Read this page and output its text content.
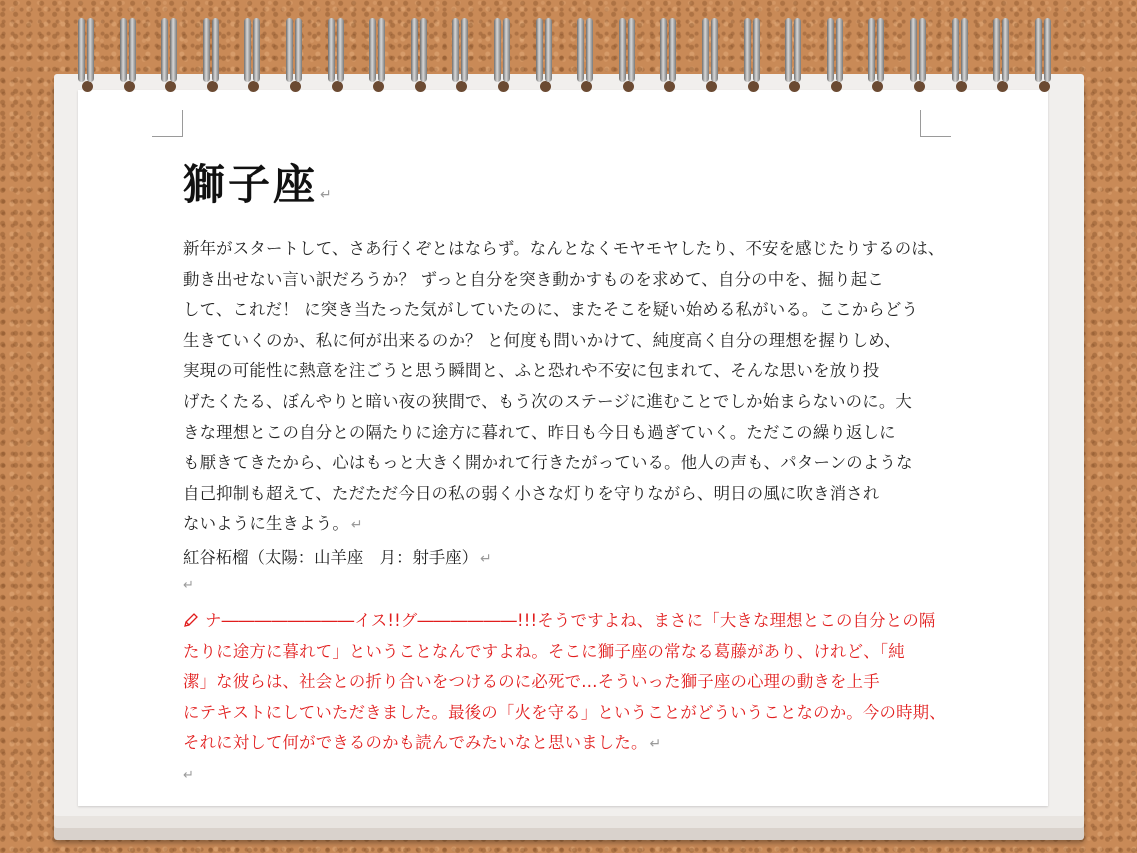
獅子座 ↵
新年がスタートして、さあ行くぞとはならず。なんとなくモヤモヤしたり、不安を感じたりするのは、
動き出せない言い訳だろうか？ ずっと自分を突き動かすものを求めて、自分の中を、掘り起こ
して、これだ！ に突き当たった気がしていたのに、またそこを疑い始める私がいる。ここからどう
生きていくのか、私に何が出来るのか？ と何度も問いかけて、純度高く自分の理想を握りしめ、
実現の可能性に熱意を注ごうと思う瞬間と、ふと恐れや不安に包まれて、そんな思いを放り投
げたくたる、ぼんやりと暗い夜の狭間で、もう次のステージに進むことでしか始まらないのに。大
きな理想とこの自分との隔たりに途方に暮れて、昨日も今日も過ぎていく。ただこの繰り返しに
も厭きてきたから、心はもっと大きく開かれて行きたがっている。他人の声も、パターンのような
自己抑制も超えて、ただただ今日の私の弱く小さな灯りを守りながら、明日の風に吹き消され
ないように生きよう。 ↵
紅谷柘榴（太陽：山羊座　月：射手座） ↵
↵
ナ――――――――イス!!グ――――――!!!そうですよね、まさに「大きな理想とこの自分との隔
たりに途方に暮れて」ということなんですよね。そこに獅子座の常なる葛藤があり、けれど、「純
潔」な彼らは、社会との折り合いをつけるのに必死で…そういった獅子座の心理の動きを上手
にテキストにしていただきました。最後の「火を守る」ということがどういうことなのか。今の時期、
それに対して何ができるのかも読んでみたいなと思いました。 ↵
↵
